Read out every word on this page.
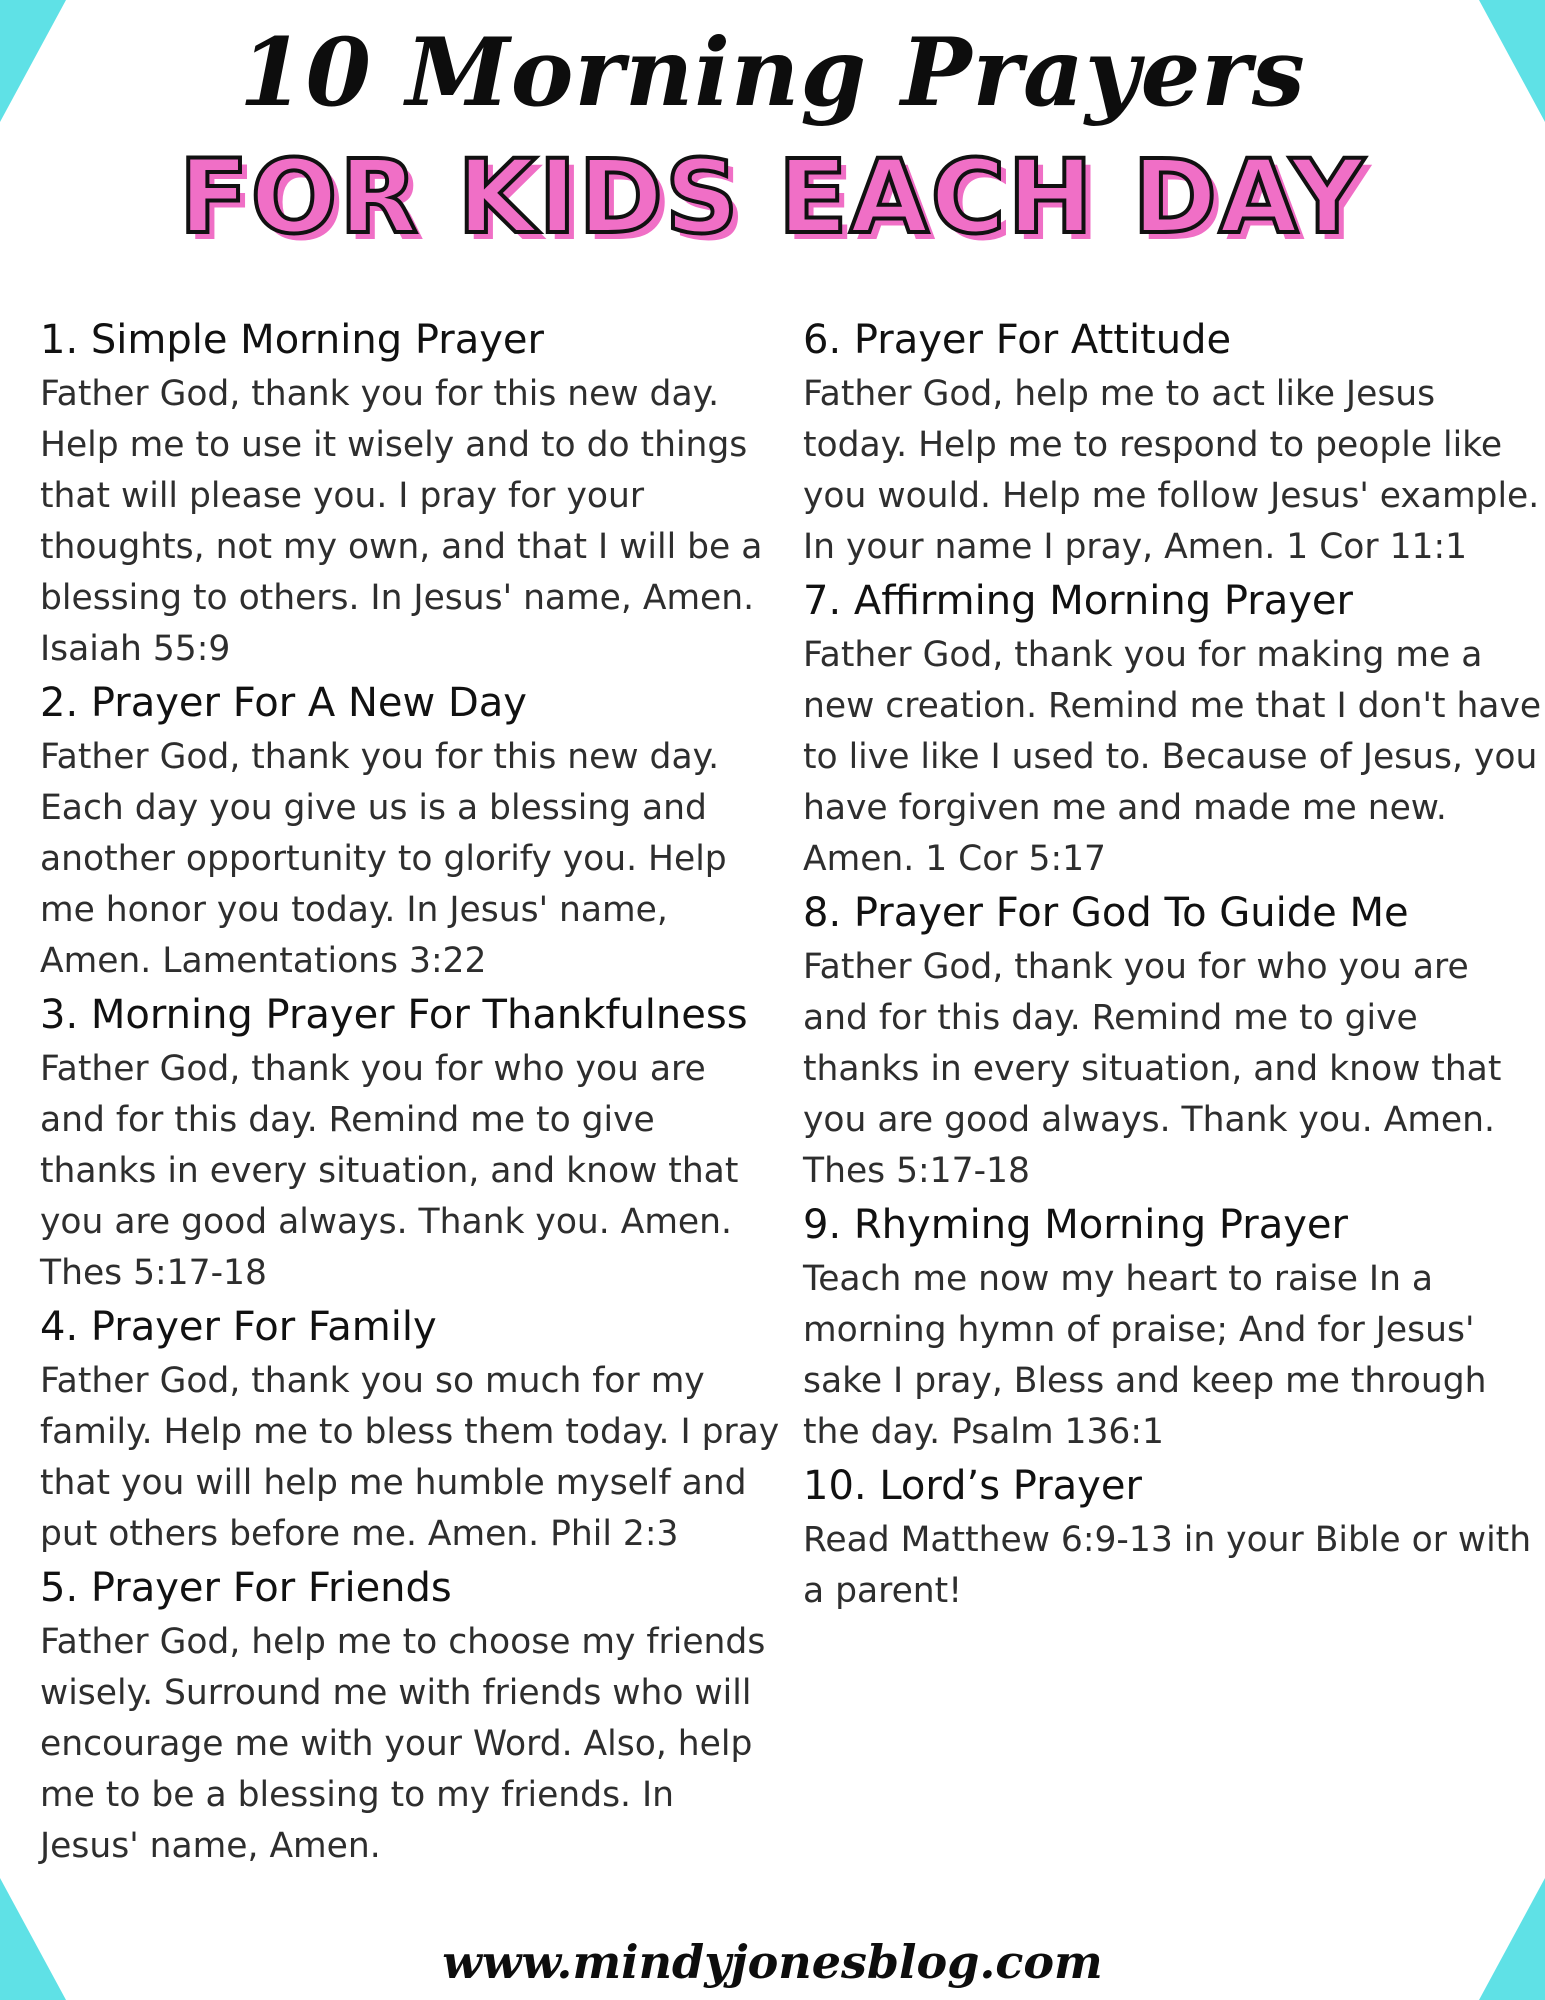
10 Morning Prayers
FOR KIDS EACH DAY

1. Simple Morning Prayer

Father God, thank you for this new day. Help me to use it wisely and to do things that will please you. I pray for your thoughts, not my own, and that I will be a blessing to others. In Jesus' name, Amen. Isaiah 55:9

2. Prayer For A New Day

Father God, thank you for this new day. Each day you give us is a blessing and another opportunity to glorify you. Help me honor you today. In Jesus' name, Amen. Lamentations 3:22

3. Morning Prayer For Thankfulness

Father God, thank you for who you are and for this day. Remind me to give thanks in every situation, and know that you are good always. Thank you. Amen. Thes 5:17-18

4. Prayer For Family

Father God, thank you so much for my family. Help me to bless them today. I pray that you will help me humble myself and put others before me. Amen. Phil 2:3

5. Prayer For Friends

Father God, help me to choose my friends wisely. Surround me with friends who will encourage me with your Word. Also, help me to be a blessing to my friends. In Jesus' name, Amen.

6. Prayer For Attitude

Father God, help me to act like Jesus today. Help me to respond to people like you would. Help me follow Jesus' example. In your name I pray, Amen. 1 Cor 11:1

7. Affirming Morning Prayer

Father God, thank you for making me a new creation. Remind me that I don't have to live like I used to. Because of Jesus, you have forgiven me and made me new. Amen. 1 Cor 5:17

8. Prayer For God To Guide Me

Father God, thank you for who you are and for this day. Remind me to give thanks in every situation, and know that you are good always. Thank you. Amen. Thes 5:17-18

9. Rhyming Morning Prayer

Teach me now my heart to raise In a morning hymn of praise; And for Jesus' sake I pray, Bless and keep me through the day. Psalm 136:1

10. Lord’s Prayer

Read Matthew 6:9-13 in your Bible or with a parent!

www.mindyjonesblog.com
